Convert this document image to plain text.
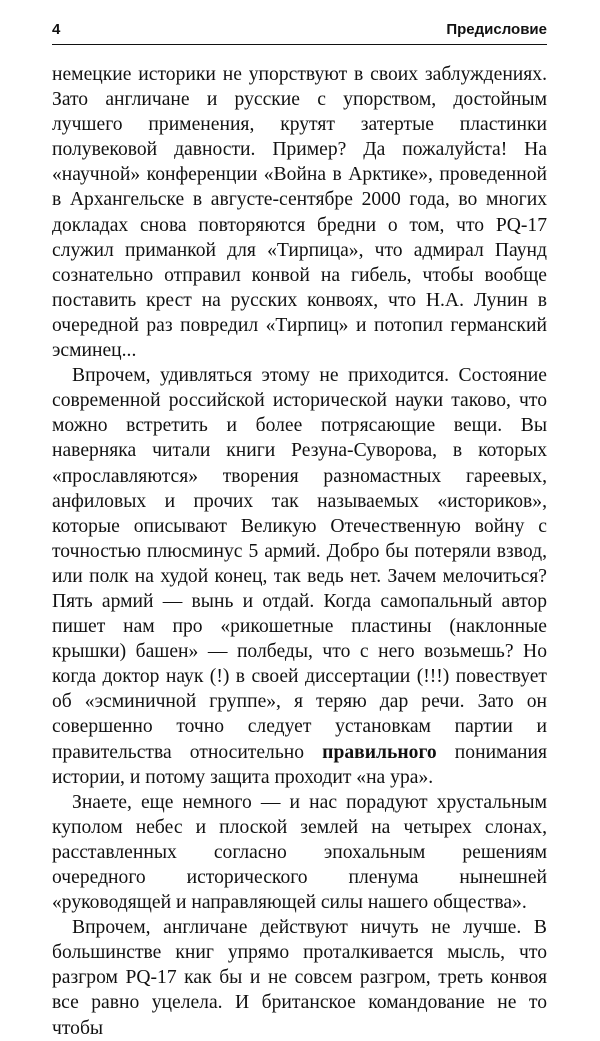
4	Предисловие

немецкие историки не упорствуют в своих заблуждениях. Зато англичане и русские с упорством, достойным лучшего применения, крутят затертые пластинки полувековой давности. Пример? Да пожалуйста! На «научной» конференции «Война в Арктике», проведенной в Архангельске в августе-сентябре 2000 года, во многих докладах снова повторяются бредни о том, что PQ-17 служил приманкой для «Тирпица», что адмирал Паунд сознательно отправил конвой на гибель, чтобы вообще поставить крест на русских конвоях, что Н.А. Лунин в очередной раз повредил «Тирпиц» и потопил германский эсминец...

Впрочем, удивляться этому не приходится. Состояние современной российской исторической науки таково, что можно встретить и более потрясающие вещи. Вы наверняка читали книги Резуна-Суворова, в которых «прославляются» творения разномастных гареевых, анфиловых и прочих так называемых «историков», которые описывают Великую Отечественную войну с точностью плюсминус 5 армий. Добро бы потеряли взвод, или полк на худой конец, так ведь нет. Зачем мелочиться? Пять армий — вынь и отдай. Когда самопальный автор пишет нам про «рикошетные пластины (наклонные крышки) башен» — полбеды, что с него возьмешь? Но когда доктор наук (!) в своей диссертации (!!!) повествует об «эсминичной группе», я теряю дар речи. Зато он совершенно точно следует установкам партии и правительства относительно правильного понимания истории, и потому защита проходит «на ура».

Знаете, еще немного — и нас порадуют хрустальным куполом небес и плоской землей на четырех слонах, расставленных согласно эпохальным решениям очередного исторического пленума нынешней «руководящей и направляющей силы нашего общества».

Впрочем, англичане действуют ничуть не лучше. В большинстве книг упрямо проталкивается мысль, что разгром PQ-17 как бы и не совсем разгром, треть конвоя все равно уцелела. И британское командование не то чтобы
